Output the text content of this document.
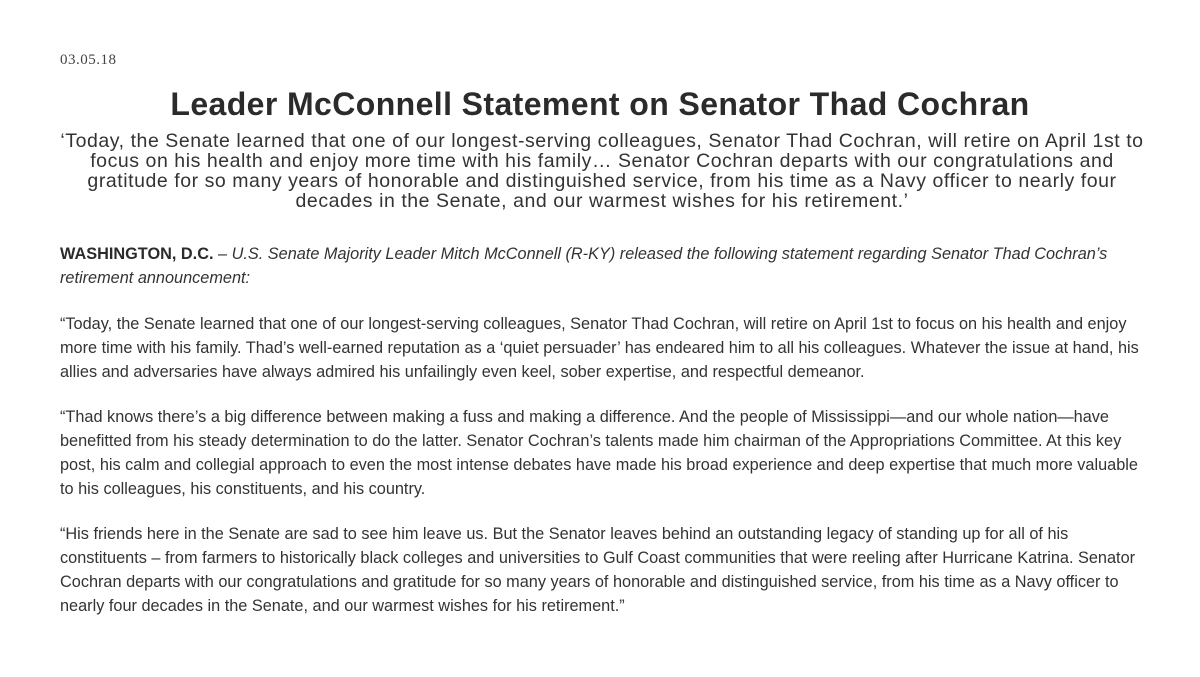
03.05.18
Leader McConnell Statement on Senator Thad Cochran

‘Today, the Senate learned that one of our longest-serving colleagues, Senator Thad Cochran, will retire on April 1st to focus on his health and enjoy more time with his family… Senator Cochran departs with our congratulations and gratitude for so many years of honorable and distinguished service, from his time as a Navy officer to nearly four decades in the Senate, and our warmest wishes for his retirement.’

WASHINGTON, D.C. – U.S. Senate Majority Leader Mitch McConnell (R-KY) released the following statement regarding Senator Thad Cochran’s retirement announcement:

“Today, the Senate learned that one of our longest-serving colleagues, Senator Thad Cochran, will retire on April 1st to focus on his health and enjoy more time with his family. Thad’s well-earned reputation as a ‘quiet persuader’ has endeared him to all his colleagues. Whatever the issue at hand, his allies and adversaries have always admired his unfailingly even keel, sober expertise, and respectful demeanor.

“Thad knows there’s a big difference between making a fuss and making a difference. And the people of Mississippi—and our whole nation—have benefitted from his steady determination to do the latter. Senator Cochran’s talents made him chairman of the Appropriations Committee. At this key post, his calm and collegial approach to even the most intense debates have made his broad experience and deep expertise that much more valuable to his colleagues, his constituents, and his country.

“His friends here in the Senate are sad to see him leave us. But the Senator leaves behind an outstanding legacy of standing up for all of his constituents – from farmers to historically black colleges and universities to Gulf Coast communities that were reeling after Hurricane Katrina. Senator Cochran departs with our congratulations and gratitude for so many years of honorable and distinguished service, from his time as a Navy officer to nearly four decades in the Senate, and our warmest wishes for his retirement.”
